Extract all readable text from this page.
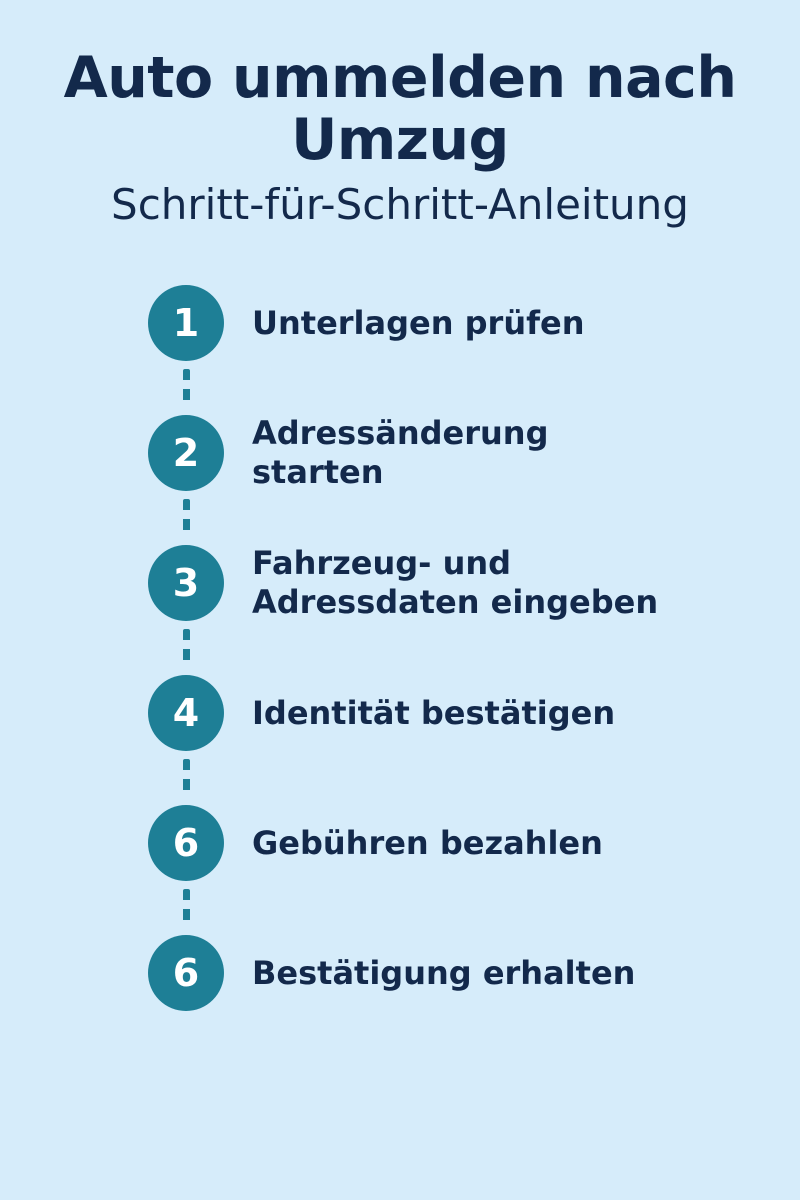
Auto ummelden nach Umzug
Schritt-für-Schritt-Anleitung
1	Unterlagen prüfen
2	Adressänderung starten
3	Fahrzeug- und Adressdaten eingeben
4	Identität bestätigen
6	Gebühren bezahlen
6	Bestätigung erhalten
